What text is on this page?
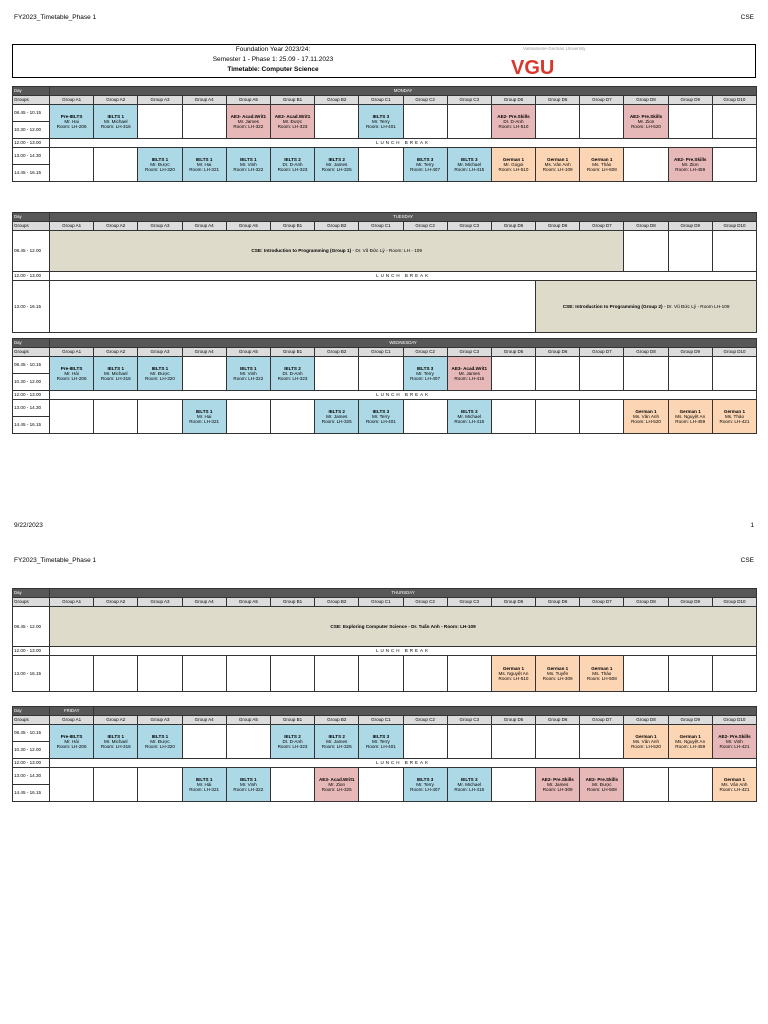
FY2023_Timetable_Phase 1	CSE
Foundation Year 2023/24:
Semester 1 - Phase 1: 25.09 - 17.11.2023
Timetable: Computer Science
Vietnamese-German University
VGU
Day	MONDAY															
Groups	Group A1	Group A2	Group A3	Group A4	Group A5	Group B1	Group B2	Group C1	Group C2	Group C3	Group D5	Group D6	Group D7	Group D8	Group D9	Group D10
08.45 - 10.15	Pre-IELTS
Mr. Hai
Room: LH-206	IELTS 1
Mr. Michael
Room: LH-316			AE3- Acad.Writ1
Mr. James
Room: LH-322	AE3- Acad.Writ1
Mr. Được
Room: LH-323		IELTS 3
Mr. Terry
Room: LH-401			AE2- Pre.Skills
Dr. D-Anh
Room: LH-510			AE2- Pre.Skills
Mr. Zion
Room: LH-520		

10.30 - 12.00																
12.00 - 13.00	LUNCH BREAK															
13.00 - 14.30			IELTS 1
Mr. Được
Room: LH-320	IELTS 1
Mr. Hai
Room: LH-321	IELTS 1
Mr. Vinh
Room: LH-322	IELTS 2
Dr. D-Anh
Room: LH-323	IELTS 2
Mr. James
Room: LH-325		IELTS 3
Mr. Terry
Room: LH-407	IELTS 3
Mr. Michael
Room: LH-415	German 1
Mr. Gogoi
Room: LH-510	German 1
Ms. Vân Anh
Room: LH-109	German 1
Ms. Thảo
Room: LH-508		AE2- Pre.Skills
Mr. Zion
Room: LH-459	

14.45 - 16.15																
Day	TUESDAY															
Groups	Group A1	Group A2	Group A3	Group A4	Group A5	Group B1	Group B2	Group C1	Group C2	Group C3	Group D5	Group D6	Group D7	Group D8	Group D9	Group D10
08.45 - 12.00	CSE: Introduction to Programming (Group 1) - Dr. Vũ Đức Lý - Room: LH - 109															
12.00 - 13.00	LUNCH BREAK															
13.00 - 16.15												CSE: Introduction to Programming (Group 2) - Dr. Vũ Đức Lý - Room LH-109				
Day	WEDNESDAY															
Groups	Group A1	Group A2	Group A3	Group A4	Group A5	Group B1	Group B2	Group C1	Group C2	Group C3	Group D5	Group D6	Group D7	Group D8	Group D9	Group D10
08.45 - 10.15	Pre-IELTS
Mr. Hải
Room: LH-206	IELTS 1
Mr. Michael
Room: LH-316	IELTS 1
Mr. Được
Room: LH-320		IELTS 1
Mr. Vinh
Room: LH-322	IELTS 2
Dr. D-Anh
Room: LH-323			IELTS 3
Mr. Terry
Room: LH-407	AE3- Acad.Writ1
Mr. James
Room: LH-415						

10.30 - 12.00																
12.00 - 13.00	LUNCH BREAK															
13.00 - 14.30				IELTS 1
Mr. Hai
Room: LH-321			IELTS 2
Mr. James
Room: LH-325	IELTS 3
Mr. Terry
Room: LH-401		IELTS 3
Mr. Michael
Room: LH-415				German 1
Ms. Vân Anh
Room: LH-520	German 1
Ms. Nguyệt An
Room: LH-459	German 1
Ms. Thảo
Room: LH-421

14.45 - 16.15																
9/22/2023	1
FY2023_Timetable_Phase 1	CSE
Day	THURSDAY															
Groups	Group A1	Group A2	Group A3	Group A4	Group A5	Group B1	Group B2	Group C1	Group C2	Group C3	Group D5	Group D6	Group D7	Group D8	Group D9	Group D10
08.45 - 12.00	CSE: Exploring Computer Science - Dr. Tuấn Anh - Room: LH-109															
12.00 - 13.00	LUNCH BREAK															
13.00 - 16.15											German 1
Ms. Nguyệt An
Room: LH-510	German 1
Ms. Tuyến
Room: LH-309	German 1
Ms. Thảo
Room: LH-508			

Day	FRIDAY															
Groups	Group A1	Group A2	Group A3	Group A4	Group A5	Group B1	Group B2	Group C1	Group C2	Group C3	Group D5	Group D6	Group D7	Group D8	Group D9	Group D10
08.45 - 10.15	Pre-IELTS
Mr. Hải
Room: LH-206	IELTS 1
Mr. Michael
Room: LH-316	IELTS 1
Mr. Được
Room: LH-320			IELTS 2
Dr. D-Anh
Room: LH-323	IELTS 2
Mr. James
Room: LH-325	IELTS 3
Mr. Terry
Room: LH-401						German 1
Ms. Vân Anh
Room: LH-520	German 1
Ms. Nguyệt An
Room: LH-459	AE2- Pre.Skills
Mr. Vinh
Room: LH-421

10.30 - 12.00																
12.00 - 13.00	LUNCH BREAK															
13.00 - 14.30				IELTS 1
Mr. Hải
Room: LH-321	IELTS 1
Mr. Vinh
Room: LH-322		AE3- Acad.Writ1
Mr. Zion
Room: LH-325		IELTS 3
Mr. Terry
Room: LH-407	IELTS 3
Mr. Michael
Room: LH-415		AE2- Pre.Skills
Mr. James
Room: LH-309	AE2- Pre.Skills
Mr. Được
Room: LH-508			German 1
Ms. Vân Anh
Room: LH-421

14.45 - 16.15																
